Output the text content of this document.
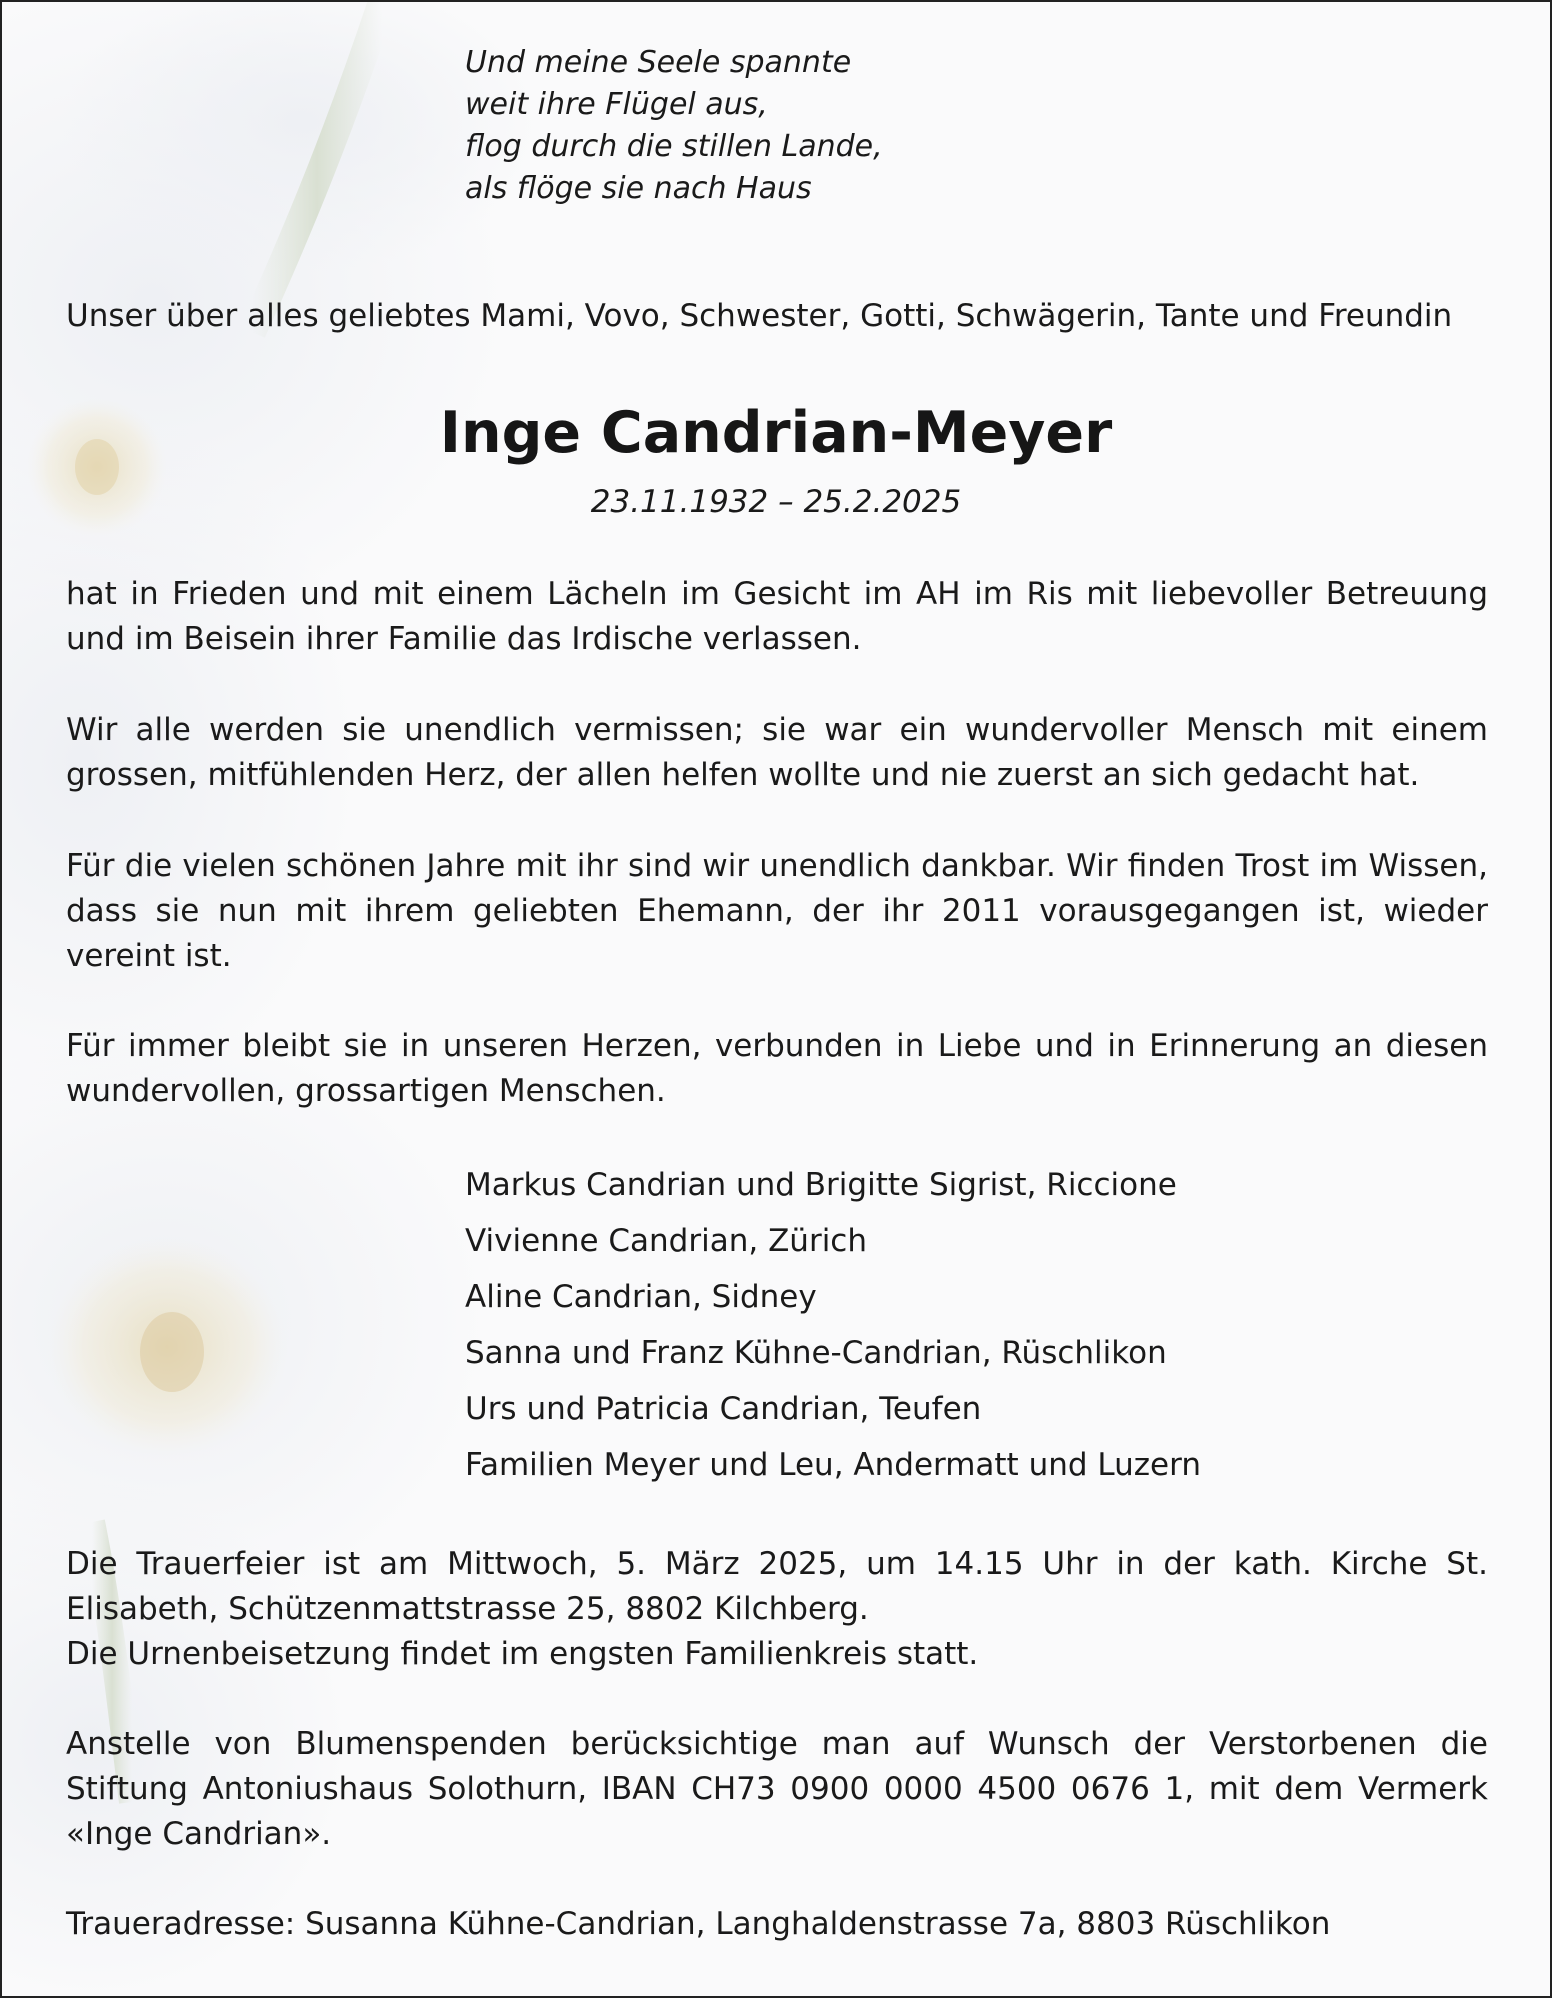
Und meine Seele spannte
weit ihre Flügel aus,
flog durch die stillen Lande,
als flöge sie nach Haus

Unser über alles geliebtes Mami, Vovo, Schwester, Gotti, Schwägerin, Tante und Freundin

Inge Candrian-Meyer
23.11.1932 – 25.2.2025

hat in Frieden und mit einem Lächeln im Gesicht im AH im Ris mit liebevoller Betreuung und im Beisein ihrer Familie das Irdische verlassen.

Wir alle werden sie unendlich vermissen; sie war ein wundervoller Mensch mit einem grossen, mitfühlenden Herz, der allen helfen wollte und nie zuerst an sich gedacht hat.

Für die vielen schönen Jahre mit ihr sind wir unendlich dankbar. Wir finden Trost im Wissen, dass sie nun mit ihrem geliebten Ehemann, der ihr 2011 vorausgegangen ist, wieder vereint ist.

Für immer bleibt sie in unseren Herzen, verbunden in Liebe und in Erinnerung an diesen wundervollen, grossartigen Menschen.

Markus Candrian und Brigitte Sigrist, Riccione
Vivienne Candrian, Zürich
Aline Candrian, Sidney
Sanna und Franz Kühne-Candrian, Rüschlikon
Urs und Patricia Candrian, Teufen
Familien Meyer und Leu, Andermatt und Luzern

Die Trauerfeier ist am Mittwoch, 5. März 2025, um 14.15 Uhr in der kath. Kirche St. Elisabeth, Schützenmattstrasse 25, 8802 Kilchberg.

Die Urnenbeisetzung findet im engsten Familienkreis statt.

Anstelle von Blumenspenden berücksichtige man auf Wunsch der Verstorbenen die Stiftung Antoniushaus Solothurn, IBAN CH73 0900 0000 4500 0676 1, mit dem Vermerk «Inge Candrian».

Traueradresse: Susanna Kühne-Candrian, Langhaldenstrasse 7a, 8803 Rüschlikon
